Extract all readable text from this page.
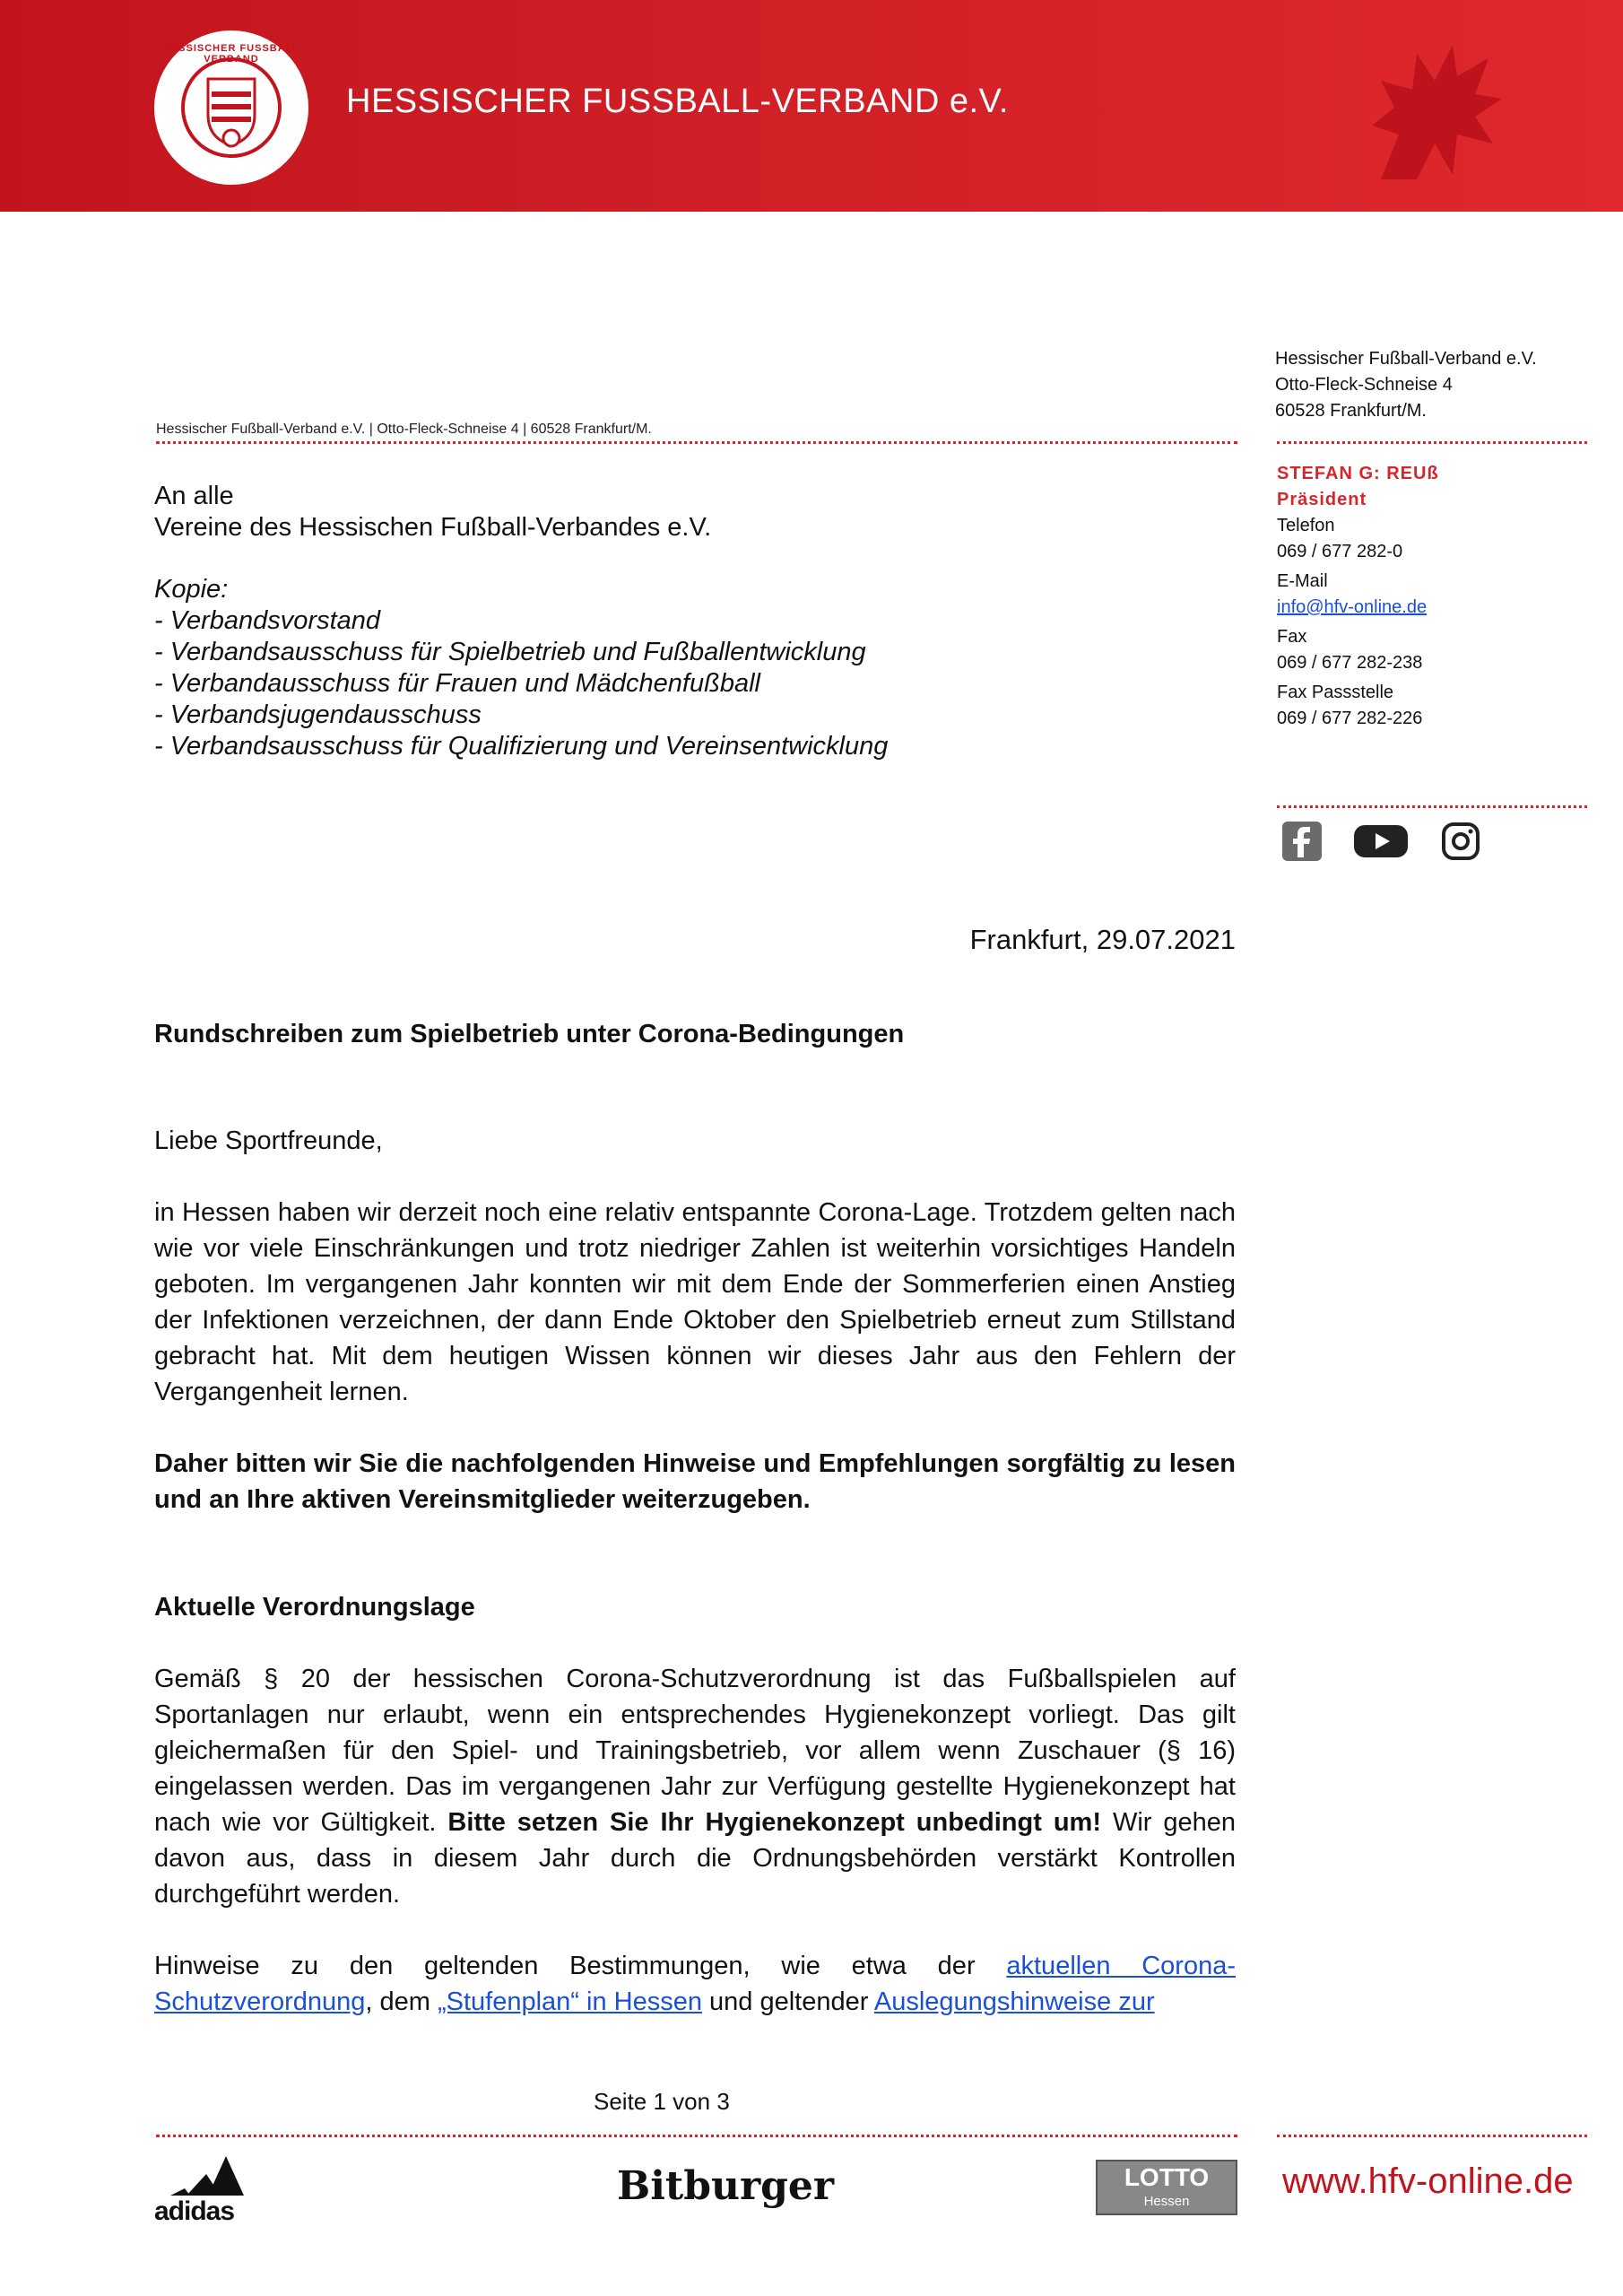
HESSISCHER FUSSBALL VERBAND
HESSISCHER FUSSBALL-VERBAND e.V.
Hessischer Fußball-Verband e.V. | Otto-Fleck-Schneise 4 | 60528 Frankfurt/M.
Hessischer Fußball-Verband e.V.
Otto-Fleck-Schneise 4
60528 Frankfurt/M.
STEFAN G: REUß
Präsident
Telefon
069 / 677 282-0
E-Mail
info@hfv-online.de
Fax
069 / 677 282-238
Fax Passstelle
069 / 677 282-226

An alle
Vereine des Hessischen Fußball-Verbandes e.V.
Kopie:
- Verbandsvorstand
- Verbandsausschuss für Spielbetrieb und Fußballentwicklung
- Verbandausschuss für Frauen und Mädchenfußball
- Verbandsjugendausschuss
- Verbandsausschuss für Qualifizierung und Vereinsentwicklung
Frankfurt, 29.07.2021
Rundschreiben zum Spielbetrieb unter Corona-Bedingungen
Liebe Sportfreunde,
in Hessen haben wir derzeit noch eine relativ entspannte Corona-Lage. Trotzdem gelten nach wie vor viele Einschränkungen und trotz niedriger Zahlen ist weiterhin vorsichtiges Handeln geboten. Im vergangenen Jahr konnten wir mit dem Ende der Sommerferien einen Anstieg der Infektionen verzeichnen, der dann Ende Oktober den Spielbetrieb erneut zum Stillstand gebracht hat. Mit dem heutigen Wissen können wir dieses Jahr aus den Fehlern der Vergangenheit lernen.
Daher bitten wir Sie die nachfolgenden Hinweise und Empfehlungen sorgfältig zu lesen und an Ihre aktiven Vereinsmitglieder weiterzugeben.
Aktuelle Verordnungslage
Gemäß § 20 der hessischen Corona-Schutzverordnung ist das Fußballspielen auf Sportanlagen nur erlaubt, wenn ein entsprechendes Hygienekonzept vorliegt. Das gilt gleichermaßen für den Spiel- und Trainingsbetrieb, vor allem wenn Zuschauer (§ 16) eingelassen werden. Das im vergangenen Jahr zur Verfügung gestellte Hygienekonzept hat nach wie vor Gültigkeit. Bitte setzen Sie Ihr Hygienekonzept unbedingt um! Wir gehen davon aus, dass in diesem Jahr durch die Ordnungsbehörden verstärkt Kontrollen durchgeführt werden.
Hinweise zu den geltenden Bestimmungen, wie etwa der aktuellen Corona-Schutzverordnung, dem „Stufenplan“ in Hessen und geltender Auslegungshinweise zur
Seite 1 von 3
adidas
Bitburger	LOTTO
Hessen
www.hfv-online.de
